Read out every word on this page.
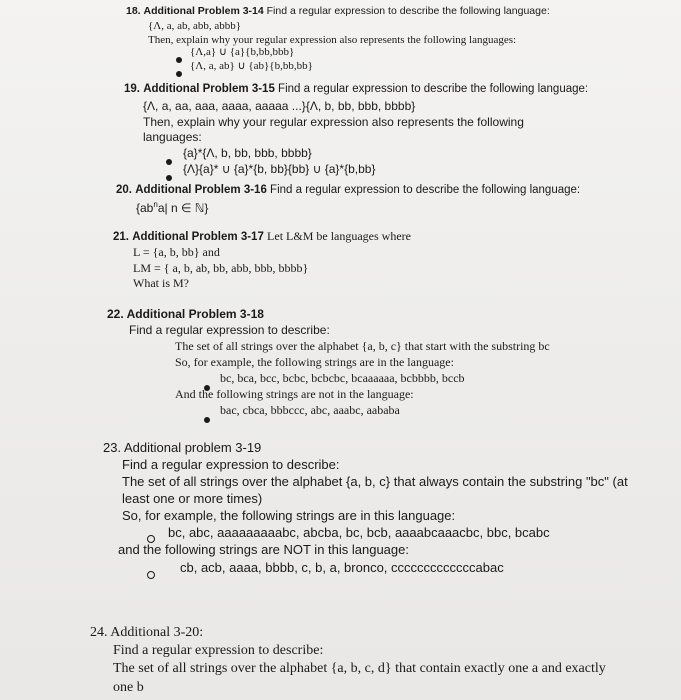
18. Additional Problem 3-14 Find a regular expression to describe the following language:
{Λ, a, ab, abb, abbb}
Then, explain why your regular expression also represents the following languages:
{Λ,a} ∪ {a}{b,bb,bbb}
{Λ, a, ab} ∪ {ab}{b,bb,bb}
19. Additional Problem 3-15 Find a regular expression to describe the following language:
{Λ, a, aa, aaa, aaaa, aaaaa ...}{Λ, b, bb, bbb, bbbb}
Then, explain why your regular expression also represents the following
languages:
{a}*{Λ, b, bb, bbb, bbbb}
{Λ}{a}* ∪ {a}*{b, bb}{bb} ∪ {a}*{b,bb}
20. Additional Problem 3-16 Find a regular expression to describe the following language:
{$ab^na|$ n ∈ ℕ}
21. Additional Problem 3-17 Let L&M be languages where
L = {a, b, bb} and
LM = { a, b, ab, bb, abb, bbb, bbbb}
What is M?
22. Additional Problem 3-18
Find a regular expression to describe:
The set of all strings over the alphabet {a, b, c} that start with the substring bc
So, for example, the following strings are in the language:
bc, bca, bcc, bcbc, bcbcbc, bcaaaaaa, bcbbbb, bccb
And the following strings are not in the language:
bac, cbca, bbbccc, abc, aaabc, aababa
23. Additional problem 3-19
Find a regular expression to describe:
The set of all strings over the alphabet {a, b, c} that always contain the substring "bc" (at
least one or more times)
So, for example, the following strings are in this language:
bc, abc, aaaaaaaaabc, abcba, bc, bcb, aaaabcaaacbc, bbc, bcabc
and the following strings are NOT in this language:
cb, acb, aaaa, bbbb, c, b, a, bronco, cccccccccccccabac
24. Additional 3-20:
Find a regular expression to describe:
The set of all strings over the alphabet {a, b, c, d} that contain exactly one a and exactly
one b
